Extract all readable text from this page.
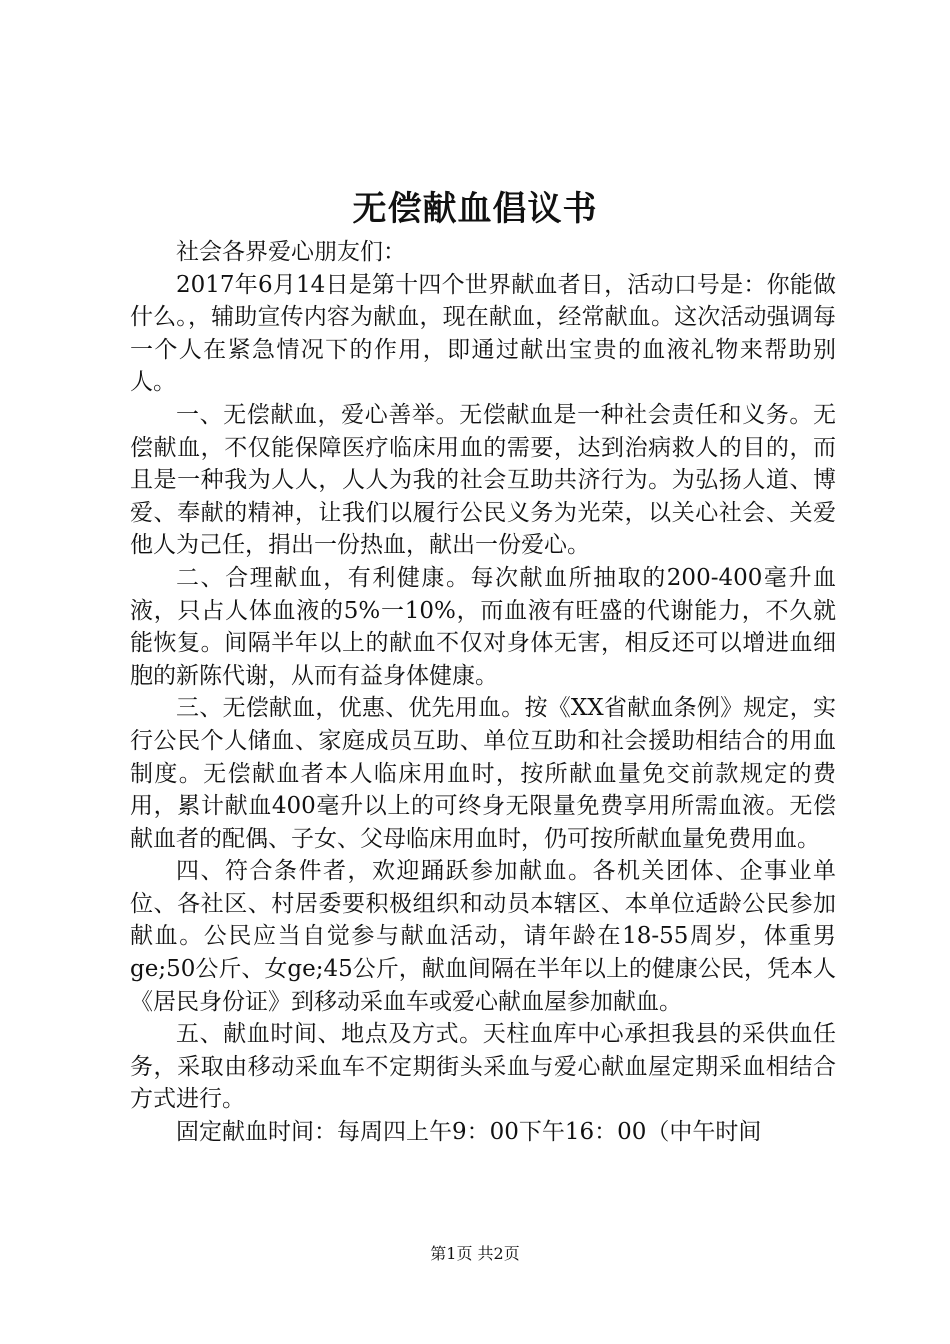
无偿献血倡议书

社会各界爱心朋友们：

2017年6月14日是第十四个世界献血者日，活动口号是：你能做什么。，辅助宣传内容为献血，现在献血，经常献血。这次活动强调每一个人在紧急情况下的作用，即通过献出宝贵的血液礼物来帮助别人。

一、无偿献血，爱心善举。无偿献血是一种社会责任和义务。无偿献血，不仅能保障医疗临床用血的需要，达到治病救人的目的，而且是一种我为人人，人人为我的社会互助共济行为。为弘扬人道、博爱、奉献的精神，让我们以履行公民义务为光荣，以关心社会、关爱他人为己任，捐出一份热血，献出一份爱心。

二、合理献血，有利健康。每次献血所抽取的200-400毫升血液，只占人体血液的5%一10%，而血液有旺盛的代谢能力，不久就能恢复。间隔半年以上的献血不仅对身体无害，相反还可以增进血细胞的新陈代谢，从而有益身体健康。

三、无偿献血，优惠、优先用血。按《XX省献血条例》规定，实行公民个人储血、家庭成员互助、单位互助和社会援助相结合的用血制度。无偿献血者本人临床用血时，按所献血量免交前款规定的费用，累计献血400毫升以上的可终身无限量免费享用所需血液。无偿献血者的配偶、子女、父母临床用血时，仍可按所献血量免费用血。

四、符合条件者，欢迎踊跃参加献血。各机关团体、企事业单位、各社区、村居委要积极组织和动员本辖区、本单位适龄公民参加献血。公民应当自觉参与献血活动，请年龄在18-55周岁，体重男ge;50公斤、女ge;45公斤，献血间隔在半年以上的健康公民，凭本人《居民身份证》到移动采血车或爱心献血屋参加献血。

五、献血时间、地点及方式。天柱血库中心承担我县的采供血任务，采取由移动采血车不定期街头采血与爱心献血屋定期采血相结合方式进行。

固定献血时间：每周四上午9：00下午16：00（中午时间

第1页 共2页
